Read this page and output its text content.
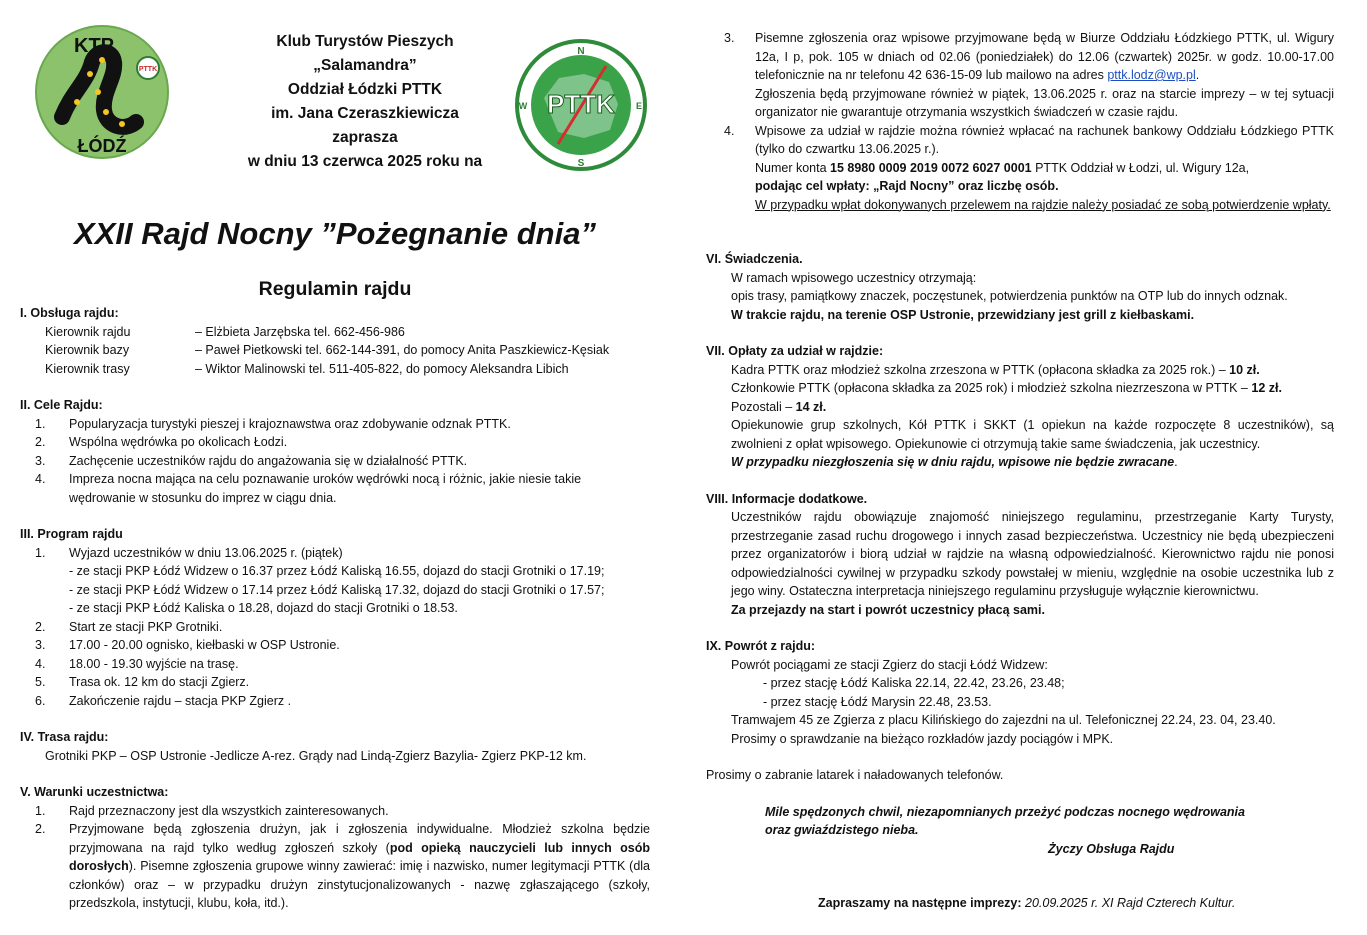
PTTK
KTP
ŁÓDŹ
Klub Turystów Pieszych
„Salamandra”
Oddział Łódzki PTTK
im. Jana Czeraszkiewicza
zaprasza
w dniu 13 czerwca 2025 roku na
N
S
W	E
PTTK
XXII Rajd Nocny ”Pożegnanie dnia”
Regulamin rajdu
I. Obsługa rajdu:
Kierownik rajdu	– Elżbieta Jarzębska tel. 662-456-986
Kierownik bazy	– Paweł Pietkowski tel. 662-144-391, do pomocy Anita Paszkiewicz-Kęsiak
Kierownik trasy	– Wiktor Malinowski tel. 511-405-822, do pomocy Aleksandra Libich
II. Cele Rajdu:
1.	Popularyzacja turystyki pieszej i krajoznawstwa oraz zdobywanie odznak PTTK.
2.	Wspólna wędrówka po okolicach Łodzi.
3.	Zachęcenie uczestników rajdu do angażowania się w działalność PTTK.
4.	Impreza nocna mająca na celu poznawanie uroków wędrówki nocą i różnic, jakie niesie takie wędrowanie w stosunku do imprez w ciągu dnia.
III. Program rajdu
1.	Wyjazd uczestników w dniu 13.06.2025 r. (piątek)
- ze stacji PKP Łódź Widzew o 16.37 przez Łódź Kaliską 16.55, dojazd do stacji Grotniki o 17.19;
- ze stacji PKP Łódź Widzew o 17.14 przez Łódź Kaliską 17.32, dojazd do stacji Grotniki o 17.57;
- ze stacji PKP Łódź Kaliska o 18.28, dojazd do stacji Grotniki o 18.53.
2.	Start ze stacji PKP Grotniki.
3.	17.00 - 20.00 ognisko, kiełbaski w OSP Ustronie.
4.	18.00 - 19.30 wyjście na trasę.
5.	Trasa ok. 12 km do stacji Zgierz.
6.	Zakończenie rajdu – stacja PKP Zgierz .
IV. Trasa rajdu:
Grotniki PKP – OSP Ustronie -Jedlicze A-rez. Grądy nad Lindą-Zgierz Bazylia- Zgierz PKP-12 km.
V. Warunki uczestnictwa:
1.	Rajd przeznaczony jest dla wszystkich zainteresowanych.
2.	Przyjmowane będą zgłoszenia drużyn, jak i zgłoszenia indywidualne. Młodzież szkolna będzie przyjmowana na rajd tylko według zgłoszeń szkoły (pod opieką nauczycieli lub innych osób dorosłych). Pisemne zgłoszenia grupowe winny zawierać: imię i nazwisko, numer legitymacji PTTK (dla członków) oraz – w przypadku drużyn zinstytucjonalizowanych - nazwę zgłaszającego (szkoły, przedszkola, instytucji, klubu, koła, itd.).
3.	Pisemne zgłoszenia oraz wpisowe przyjmowane będą w Biurze Oddziału Łódzkiego PTTK, ul. Wigury 12a, I p, pok. 105 w dniach od 02.06 (poniedziałek) do 12.06 (czwartek) 2025r. w godz. 10.00-17.00 telefonicznie na nr telefonu 42 636-15-09 lub mailowo na adres pttk.lodz@wp.pl.
Zgłoszenia będą przyjmowane również w piątek, 13.06.2025 r. oraz na starcie imprezy – w tej sytuacji organizator nie gwarantuje otrzymania wszystkich świadczeń w czasie rajdu.
4.	Wpisowe za udział w rajdzie można również wpłacać na rachunek bankowy Oddziału Łódzkiego PTTK (tylko do czwartku 13.06.2025 r.).
Numer konta 15 8980 0009 2019 0072 6027 0001 PTTK Oddział w Łodzi, ul. Wigury 12a,
podając cel wpłaty: „Rajd Nocny” oraz liczbę osób.
W przypadku wpłat dokonywanych przelewem na rajdzie należy posiadać ze sobą potwierdzenie wpłaty.
VI. Świadczenia.
W ramach wpisowego uczestnicy otrzymają:
opis trasy, pamiątkowy znaczek, poczęstunek, potwierdzenia punktów na OTP lub do innych odznak.
W trakcie rajdu, na terenie OSP Ustronie, przewidziany jest grill z kiełbaskami.
VII. Opłaty za udział w rajdzie:
Kadra PTTK oraz młodzież szkolna zrzeszona w PTTK (opłacona składka za 2025 rok.) – 10 zł.
Członkowie PTTK (opłacona składka za 2025 rok) i młodzież szkolna niezrzeszona w PTTK – 12 zł.
Pozostali – 14 zł.
Opiekunowie grup szkolnych, Kół PTTK i SKKT (1 opiekun na każde rozpoczęte 8 uczestników), są zwolnieni z opłat wpisowego. Opiekunowie ci otrzymują takie same świadczenia, jak uczestnicy.
W przypadku niezgłoszenia się w dniu rajdu, wpisowe nie będzie zwracane.
VIII. Informacje dodatkowe.
Uczestników rajdu obowiązuje znajomość niniejszego regulaminu, przestrzeganie Karty Turysty, przestrzeganie zasad ruchu drogowego i innych zasad bezpieczeństwa. Uczestnicy nie będą ubezpieczeni przez organizatorów i biorą udział w rajdzie na własną odpowiedzialność. Kierownictwo rajdu nie ponosi odpowiedzialności cywilnej w przypadku szkody powstałej w mieniu, względnie na osobie uczestnika lub z jego winy. Ostateczna interpretacja niniejszego regulaminu przysługuje wyłącznie kierownictwu.
Za przejazdy na start i powrót uczestnicy płacą sami.
IX. Powrót z rajdu:
Powrót pociągami ze stacji Zgierz do stacji Łódź Widzew:
- przez stację Łódź Kaliska 22.14, 22.42, 23.26, 23.48;
- przez stację Łódź Marysin 22.48, 23.53.
Tramwajem 45 ze Zgierza z placu Kilińskiego do zajezdni na ul. Telefonicznej 22.24, 23. 04, 23.40.
Prosimy o sprawdzanie na bieżąco rozkładów jazdy pociągów i MPK.
Prosimy o zabranie latarek i naładowanych telefonów.
Mile spędzonych chwil, niezapomnianych przeżyć podczas nocnego wędrowania
oraz gwiaździstego nieba.
Życzy Obsługa Rajdu
Zapraszamy na następne imprezy: 20.09.2025 r. XI Rajd Czterech Kultur.
